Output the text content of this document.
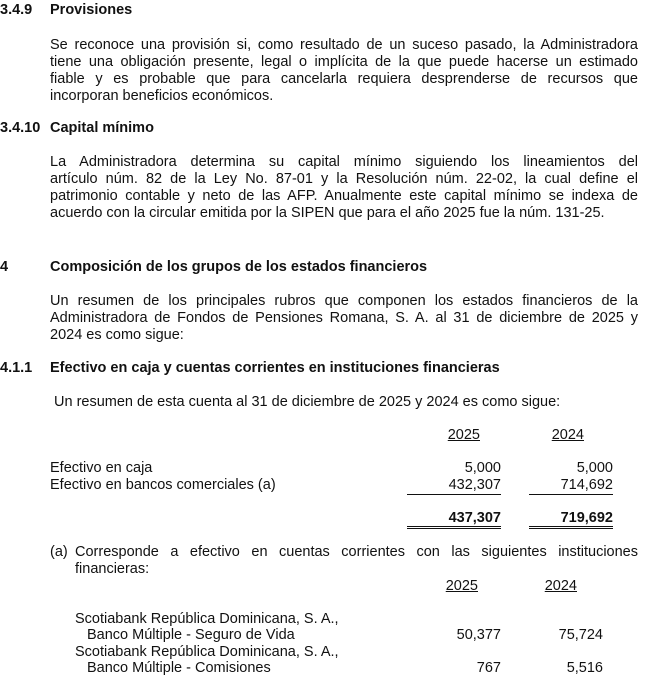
3.4.9 Provisiones
Se reconoce una provisión si, como resultado de un suceso pasado, la Administradora
tiene una obligación presente, legal o implícita de la que puede hacerse un estimado
fiable y es probable que para cancelarla requiera desprenderse de recursos que
incorporan beneficios económicos.
3.4.10 Capital mínimo
La Administradora determina su capital mínimo siguiendo los lineamientos del
artículo núm. 82 de la Ley No. 87-01 y la Resolución núm. 22-02, la cual define el
patrimonio contable y neto de las AFP. Anualmente este capital mínimo se indexa de
acuerdo con la circular emitida por la SIPEN que para el año 2025 fue la núm. 131-25.
4	Composición de los grupos de los estados financieros
Un resumen de los principales rubros que componen los estados financieros de la
Administradora de Fondos de Pensiones Romana, S. A. al 31 de diciembre de 2025 y
2024 es como sigue:
4.1.1 Efectivo en caja y cuentas corrientes en instituciones financieras
Un resumen de esta cuenta al 31 de diciembre de 2025 y 2024 es como sigue:
2025	2024
Efectivo en caja	5,000	5,000
Efectivo en bancos comerciales (a)	432,307	714,692
437,307	719,692
(a) Corresponde a efectivo en cuentas corrientes con las siguientes instituciones
financieras:
2025	2024
Scotiabank República Dominicana, S. A.,
Banco Múltiple - Seguro de Vida	50,377	75,724
Scotiabank República Dominicana, S. A.,
Banco Múltiple - Comisiones	767	5,516
